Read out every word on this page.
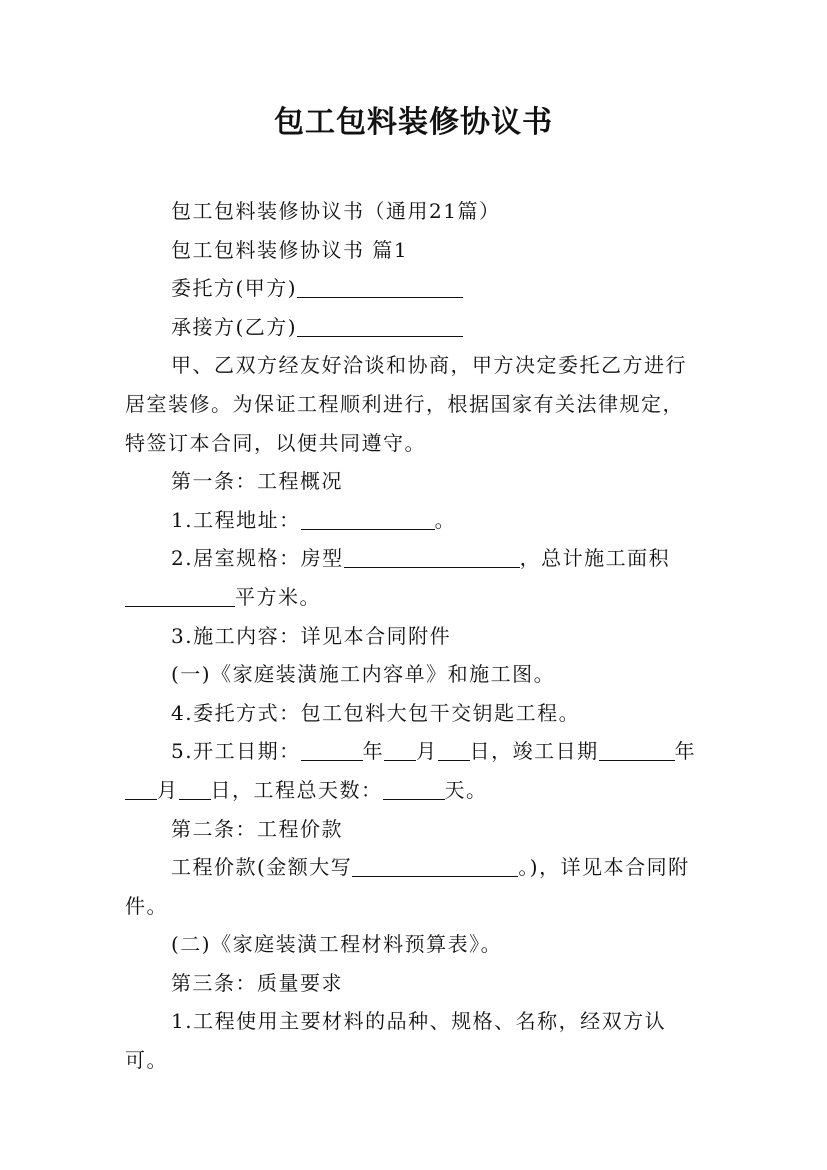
包工包料装修协议书

包工包料装修协议书（通用21篇）

包工包料装修协议书 篇1

委托方(甲方)

承接方(乙方)

甲、乙双方经友好洽谈和协商，甲方决定委托乙方进行居室装修。为保证工程顺利进行，根据国家有关法律规定，特签订本合同，以便共同遵守。

第一条：工程概况

1.工程地址：	。

2.居室规格：房型	，总计施工面积平方米。

3.施工内容：详见本合同附件

(一)《家庭装潢施工内容单》和施工图。

4.委托方式：包工包料大包干交钥匙工程。

5.开工日期：	年 月 日，竣工日期	年月 日，工程总天数：	天。

第二条：工程价款

工程价款(金额大写	。)，详见本合同附件。

(二)《家庭装潢工程材料预算表》。

第三条：质量要求

1.工程使用主要材料的品种、规格、名称，经双方认可。
